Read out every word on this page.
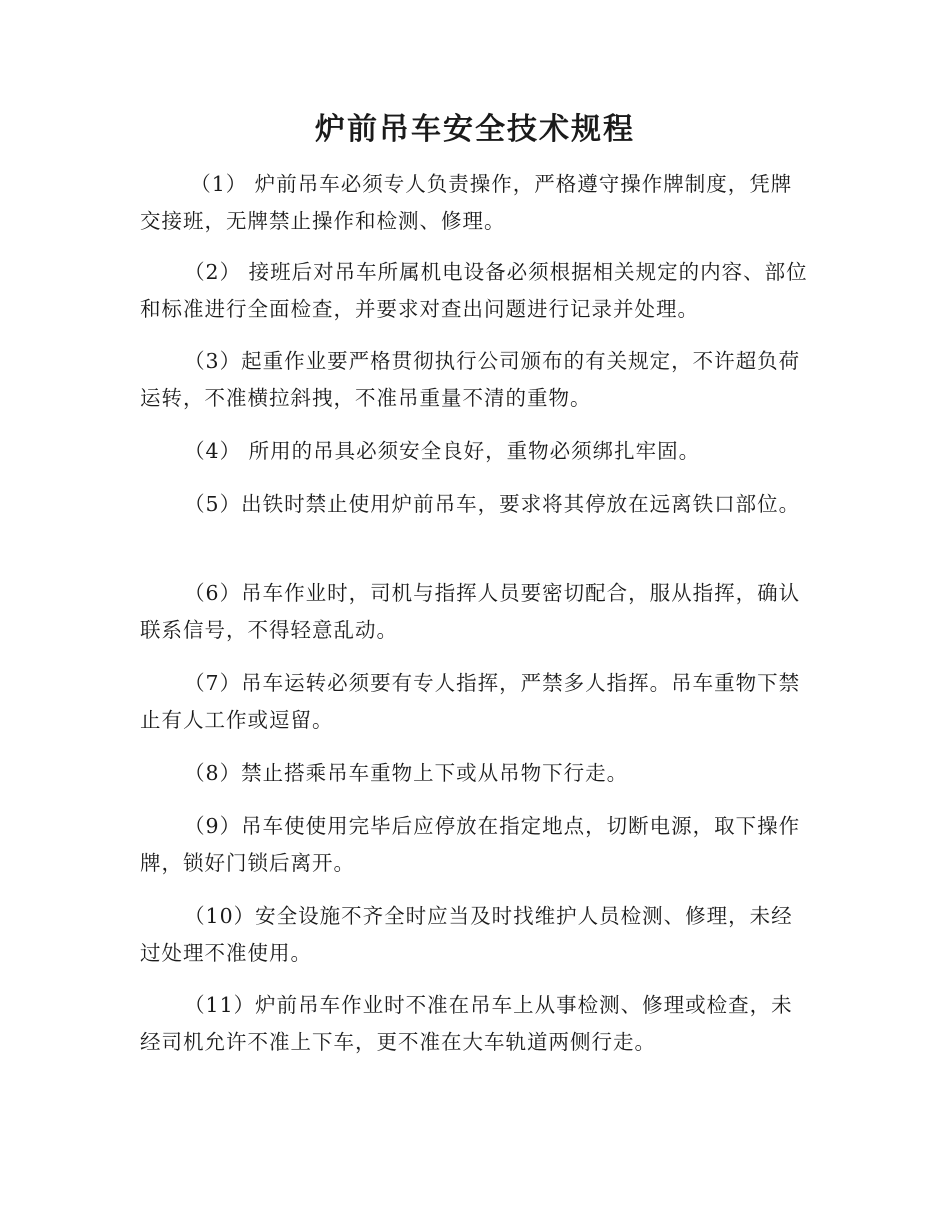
炉前吊车安全技术规程

（1） 炉前吊车必须专人负责操作，严格遵守操作牌制度，凭牌交接班，无牌禁止操作和检测、修理。

（2） 接班后对吊车所属机电设备必须根据相关规定的内容、部位和标准进行全面检查，并要求对查出问题进行记录并处理。

（3）起重作业要严格贯彻执行公司颁布的有关规定，不许超负荷运转，不准横拉斜拽，不准吊重量不清的重物。

（4） 所用的吊具必须安全良好，重物必须绑扎牢固。

（5）出铁时禁止使用炉前吊车，要求将其停放在远离铁口部位。

（6）吊车作业时，司机与指挥人员要密切配合，服从指挥，确认联系信号，不得轻意乱动。

（7）吊车运转必须要有专人指挥，严禁多人指挥。吊车重物下禁止有人工作或逗留。

（8）禁止搭乘吊车重物上下或从吊物下行走。

（9）吊车使使用完毕后应停放在指定地点，切断电源，取下操作牌，锁好门锁后离开。

（10）安全设施不齐全时应当及时找维护人员检测、修理，未经过处理不准使用。

（11）炉前吊车作业时不准在吊车上从事检测、修理或检查，未经司机允许不准上下车，更不准在大车轨道两侧行走。
